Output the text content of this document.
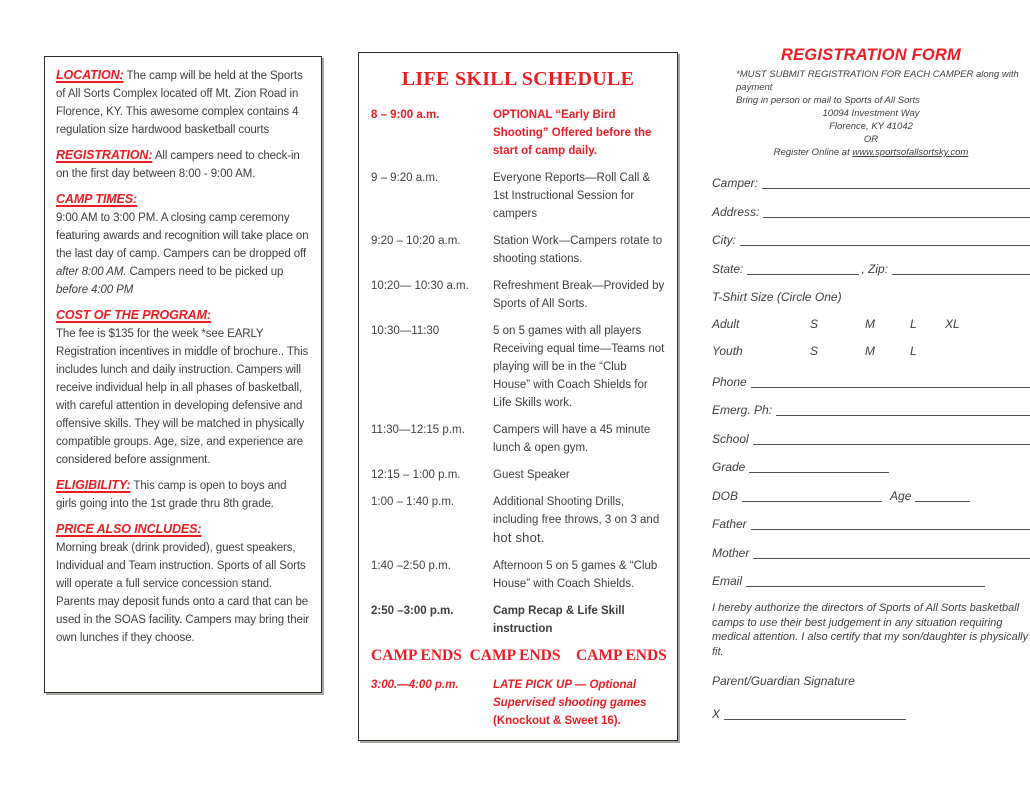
LOCATION: The camp will be held at the Sports of All Sorts Complex located off Mt. Zion Road in Florence, KY. This awesome complex contains 4 regulation size hardwood basketball courts

REGISTRATION: All campers need to check-in on the first day between 8:00 - 9:00 AM.

CAMP TIMES:
9:00 AM to 3:00 PM. A closing camp ceremony featuring awards and recognition will take place on the last day of camp. Campers can be dropped off after 8:00 AM. Campers need to be picked up before 4:00 PM

COST OF THE PROGRAM:
The fee is $135 for the week *see EARLY Registration incentives in middle of brochure.. This includes lunch and daily instruction. Campers will receive individual help in all phases of basketball, with careful attention in developing defensive and offensive skills. They will be matched in physically compatible groups. Age, size, and experience are considered before assignment.

ELIGIBILITY: This camp is open to boys and girls going into the 1st grade thru 8th grade.

PRICE ALSO INCLUDES:
Morning break (drink provided), guest speakers, Individual and Team instruction. Sports of all Sorts will operate a full service concession stand. Parents may deposit funds onto a card that can be used in the SOAS facility. Campers may bring their own lunches if they choose.

LIFE SKILL SCHEDULE
8 – 9:00 a.m.	OPTIONAL “Early Bird Shooting” Offered before the start of camp daily.
9 – 9:20 a.m.	Everyone Reports—Roll Call & 1st Instructional Session for campers
9:20 – 10:20 a.m.	Station Work—Campers rotate to shooting stations.
10:20— 10:30 a.m.	Refreshment Break—Provided by Sports of All Sorts.
10:30—11:30	5 on 5 games with all players Receiving equal time—Teams not playing will be in the “Club House” with Coach Shields for Life Skills work.
11:30—12:15 p.m.	Campers will have a 45 minute lunch & open gym.
12:15 – 1:00 p.m.	Guest Speaker
1:00 – 1:40 p.m.	Additional Shooting Drills, including free throws, 3 on 3 and hot shot.
1:40 –2:50 p.m.	Afternoon 5 on 5 games & “Club House” with Coach Shields.
2:50 –3:00 p.m.	Camp Recap & Life Skill instruction
CAMP ENDS  CAMP ENDS    CAMP ENDS
3:00.—4:00 p.m.	LATE PICK UP — Optional Supervised shooting games
(Knockout & Sweet 16).
REGISTRATION FORM
*MUST SUBMIT REGISTRATION FOR EACH CAMPER along with payment
Bring in person or mail to Sports of All Sorts
10094 Investment Way
Florence, KY 41042
OR
Register Online at www.sportsofallsortsky.com
Camper:
Address:
City:
State:	, Zip:
T-Shirt Size (Circle One)
Adult	S	M	L	XL
Youth	S	M	L
Phone
Emerg. Ph:
School
Grade
DOB	Age
Father
Mother
Email

I hereby authorize the directors of Sports of All Sorts basketball camps to use their best judgement in any situation requiring medical attention. I also certify that my son/daughter is physically fit.

Parent/Guardian Signature
X
